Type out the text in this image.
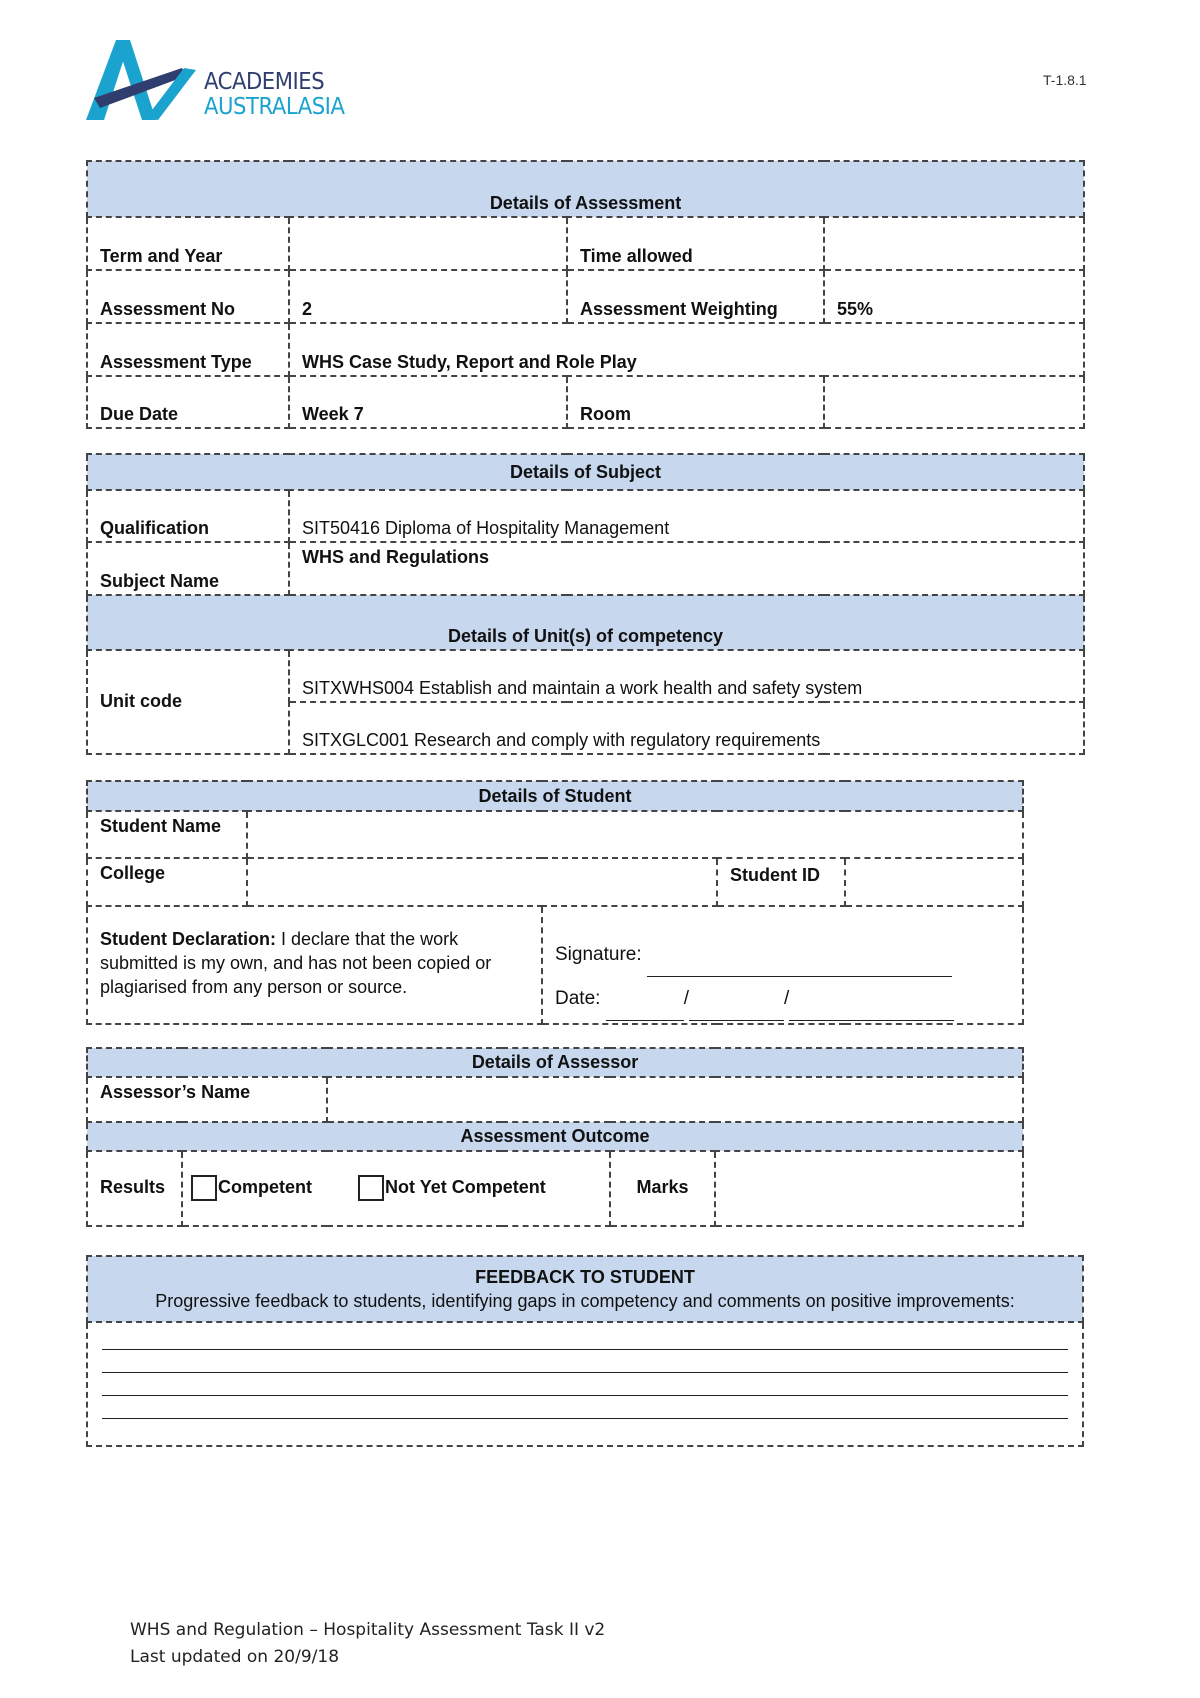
ACADEMIES
AUSTRALASIA
T-1.8.1
Details of Assessment			
Term and Year		Time allowed	
Assessment No	2	Assessment Weighting	55%
Assessment Type	WHS Case Study, Report and Role Play		
Due Date	Week 7	Room	

Details of Subject			
Qualification	SIT50416 Diploma of Hospitality Management		
Subject Name	WHS and Regulations		
Details of Unit(s) of competency			
Unit code	SITXWHS004 Establish and maintain a work health and safety system		
	SITXGLC001 Research and comply with regulatory requirements		
Details of Student				
Student Name				
College			Student ID	
Student Declaration: I declare that the work submitted is my own, and has not been copied or plagiarised from any person or source.		Signature:
Date: / /		
Details of Assessor				
Assessor’s Name				
Assessment Outcome				
Results	Competent Not Yet Competent		Marks	
FEEDBACK TO STUDENT
Progressive feedback to students, identifying gaps in competency and comments on positive improvements:

WHS and Regulation – Hospitality Assessment Task II v2
Last updated on 20/9/18
